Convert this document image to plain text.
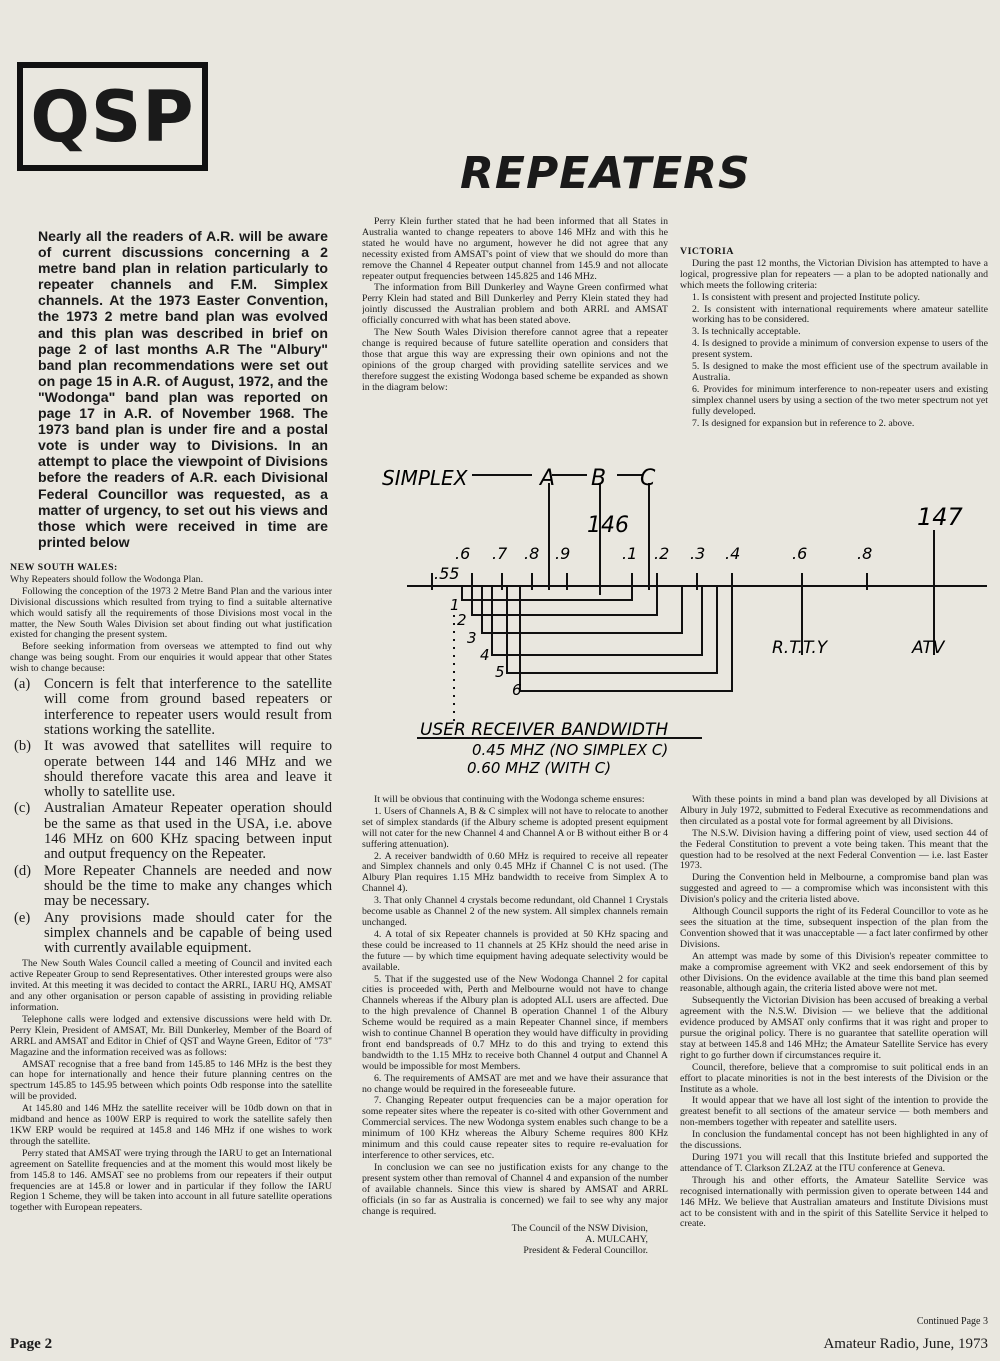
QSP
REPEATERS

Nearly all the readers of A.R. will be aware of current discussions concerning a 2 metre band plan in relation particularly to repeater channels and F.M. Simplex channels. At the 1973 Easter Convention, the 1973 2 metre band plan was evolved and this plan was described in brief on page 2 of last months A.R The "Albury" band plan recommendations were set out on page 15 in A.R. of August, 1972, and the "Wodonga" band plan was reported on page 17 in A.R. of November 1968. The 1973 band plan is under fire and a postal vote is under way to Divisions. In an attempt to place the viewpoint of Divisions before the readers of A.R. each Divisional Federal Councillor was requested, as a matter of urgency, to set out his views and those which were received in time are printed below

NEW SOUTH WALES:

Why Repeaters should follow the Wodonga Plan.

Following the conception of the 1973 2 Metre Band Plan and the various inter Divisional discussions which resulted from trying to find a suitable alternative which would satisfy all the requirements of those Divisions most vocal in the matter, the New South Wales Division set about finding out what justification existed for changing the present system.

Before seeking information from overseas we attempted to find out why change was being sought. From our enquiries it would appear that other States wish to change because:

(a) Concern is felt that interference to the satellite will come from ground based repeaters or interference to repeater users would result from stations working the satellite.
(b) It was avowed that satellites will require to operate between 144 and 146 MHz and we should therefore vacate this area and leave it wholly to satellite use.
(c) Australian Amateur Repeater operation should be the same as that used in the USA, i.e. above 146 MHz on 600 KHz spacing between input and output frequency on the Repeater.
(d) More Repeater Channels are needed and now should be the time to make any changes which may be necessary.
(e) Any provisions made should cater for the simplex channels and be capable of being used with currently available equipment.

The New South Wales Council called a meeting of Council and invited each active Repeater Group to send Representatives. Other interested groups were also invited. At this meeting it was decided to contact the ARRL, IARU HQ, AMSAT and any other organisation or person capable of assisting in providing reliable information.

Telephone calls were lodged and extensive discussions were held with Dr. Perry Klein, President of AMSAT, Mr. Bill Dunkerley, Member of the Board of ARRL and AMSAT and Editor in Chief of QST and Wayne Green, Editor of "73" Magazine and the information received was as follows:

AMSAT recognise that a free band from 145.85 to 146 MHz is the best they can hope for internationally and hence their future planning centres on the spectrum 145.85 to 145.95 between which points Odb response into the satellite will be provided.

At 145.80 and 146 MHz the satellite receiver will be 10db down on that in midband and hence as 100W ERP is required to work the satellite safely then 1KW ERP would be required at 145.8 and 146 MHz if one wishes to work through the satellite.

Perry stated that AMSAT were trying through the IARU to get an International agreement on Satellite frequencies and at the moment this would most likely be from 145.8 to 146. AMSAT see no problems from our repeaters if their output frequencies are at 145.8 or lower and in particular if they follow the IARU Region 1 Scheme, they will be taken into account in all future satellite operations together with European repeaters.

Perry Klein further stated that he had been informed that all States in Australia wanted to change repeaters to above 146 MHz and with this he stated he would have no argument, however he did not agree that any necessity existed from AMSAT's point of view that we should do more than remove the Channel 4 Repeater output channel from 145.9 and not allocate repeater output frequencies between 145.825 and 146 MHz.

The information from Bill Dunkerley and Wayne Green confirmed what Perry Klein had stated and Bill Dunkerley and Perry Klein stated they had jointly discussed the Australian problem and both ARRL and AMSAT officially concurred with what has been stated above.

The New South Wales Division therefore cannot agree that a repeater change is required because of future satellite operation and considers that those that argue this way are expressing their own opinions and not the opinions of the group charged with providing satellite services and we therefore suggest the existing Wodonga based scheme be expanded as shown in the diagram below:

VICTORIA

During the past 12 months, the Victorian Division has attempted to have a logical, progressive plan for repeaters — a plan to be adopted nationally and which meets the following criteria:

1. Is consistent with present and projected Institute policy.

2. Is consistent with international requirements where amateur satellite working has to be considered.

3. Is technically acceptable.

4. Is designed to provide a minimum of conversion expense to users of the present system.

5. Is designed to make the most efficient use of the spectrum available in Australia.

6. Provides for minimum interference to non-repeater users and existing simplex channel users by using a section of the two meter spectrum not yet fully developed.

7. Is designed for expansion but in reference to 2. above.

SIMPLEX	A B C
146	147
.55
.6 .7 .8 .9	.1 .2 .3 .4	.6	.8
1
2
3
4
5
6
R.T.T.Y	ATV
USER RECEIVER BANDWIDTH
0.45 MHZ (NO SIMPLEX C)
0.60 MHZ (WITH C)

It will be obvious that continuing with the Wodonga scheme ensures:

1. Users of Channels A, B & C simplex will not have to relocate to another set of simplex standards (if the Albury scheme is adopted present equipment will not cater for the new Channel 4 and Channel A or B without either B or 4 suffering attenuation).

2. A receiver bandwidth of 0.60 MHz is required to receive all repeater and Simplex channels and only 0.45 MHz if Channel C is not used. (The Albury Plan requires 1.15 MHz bandwidth to receive from Simplex A to Channel 4).

3. That only Channel 4 crystals become redundant, old Channel 1 Crystals become usable as Channel 2 of the new system. All simplex channels remain unchanged.

4. A total of six Repeater channels is provided at 50 KHz spacing and these could be increased to 11 channels at 25 KHz should the need arise in the future — by which time equipment having adequate selectivity would be available.

5. That if the suggested use of the New Wodonga Channel 2 for capital cities is proceeded with, Perth and Melbourne would not have to change Channels whereas if the Albury plan is adopted ALL users are affected. Due to the high prevalence of Channel B operation Channel 1 of the Albury Scheme would be required as a main Repeater Channel since, if members wish to continue Channel B operation they would have difficulty in providing front end bandspreads of 0.7 MHz to do this and trying to extend this bandwidth to the 1.15 MHz to receive both Channel 4 output and Channel A would be impossible for most Members.

6. The requirements of AMSAT are met and we have their assurance that no change would be required in the foreseeable future.

7. Changing Repeater output frequencies can be a major operation for some repeater sites where the repeater is co-sited with other Government and Commercial services. The new Wodonga system enables such change to be a minimum of 100 KHz whereas the Albury Scheme requires 800 KHz minimum and this could cause repeater sites to require re-evaluation for interference to other services, etc.

In conclusion we can see no justification exists for any change to the present system other than removal of Channel 4 and expansion of the number of available channels. Since this view is shared by AMSAT and ARRL officials (in so far as Australia is concerned) we fail to see why any major change is required.

The Council of the NSW Division,
A. MULCAHY,
President & Federal Councillor.

With these points in mind a band plan was developed by all Divisions at Albury in July 1972, submitted to Federal Executive as recommendations and then circulated as a postal vote for formal agreement by all Divisions.

The N.S.W. Division having a differing point of view, used section 44 of the Federal Constitution to prevent a vote being taken. This meant that the question had to be resolved at the next Federal Convention — i.e. last Easter 1973.

During the Convention held in Melbourne, a compromise band plan was suggested and agreed to — a compromise which was inconsistent with this Division's policy and the criteria listed above.

Although Council supports the right of its Federal Councillor to vote as he sees the situation at the time, subsequent inspection of the plan from the Convention showed that it was unacceptable — a fact later confirmed by other Divisions.

An attempt was made by some of this Division's repeater committee to make a compromise agreement with VK2 and seek endorsement of this by other Divisions. On the evidence available at the time this band plan seemed reasonable, although again, the criteria listed above were not met.

Subsequently the Victorian Division has been accused of breaking a verbal agreement with the N.S.W. Division — we believe that the additional evidence produced by AMSAT only confirms that it was right and proper to pursue the original policy. There is no guarantee that satellite operation will stay at between 145.8 and 146 MHz; the Amateur Satellite Service has every right to go further down if circumstances require it.

Council, therefore, believe that a compromise to suit political ends in an effort to placate minorities is not in the best interests of the Division or the Institute as a whole.

It would appear that we have all lost sight of the intention to provide the greatest benefit to all sections of the amateur service — both members and non-members together with repeater and satellite users.

In conclusion the fundamental concept has not been highlighted in any of the discussions.

During 1971 you will recall that this Institute briefed and supported the attendance of T. Clarkson ZL2AZ at the ITU conference at Geneva.

Through his and other efforts, the Amateur Satellite Service was recognised internationally with permission given to operate between 144 and 146 MHz. We believe that Australian amateurs and Institute Divisions must act to be consistent with and in the spirit of this Satellite Service it helped to create.

Continued Page 3
Page 2	Amateur Radio, June, 1973
